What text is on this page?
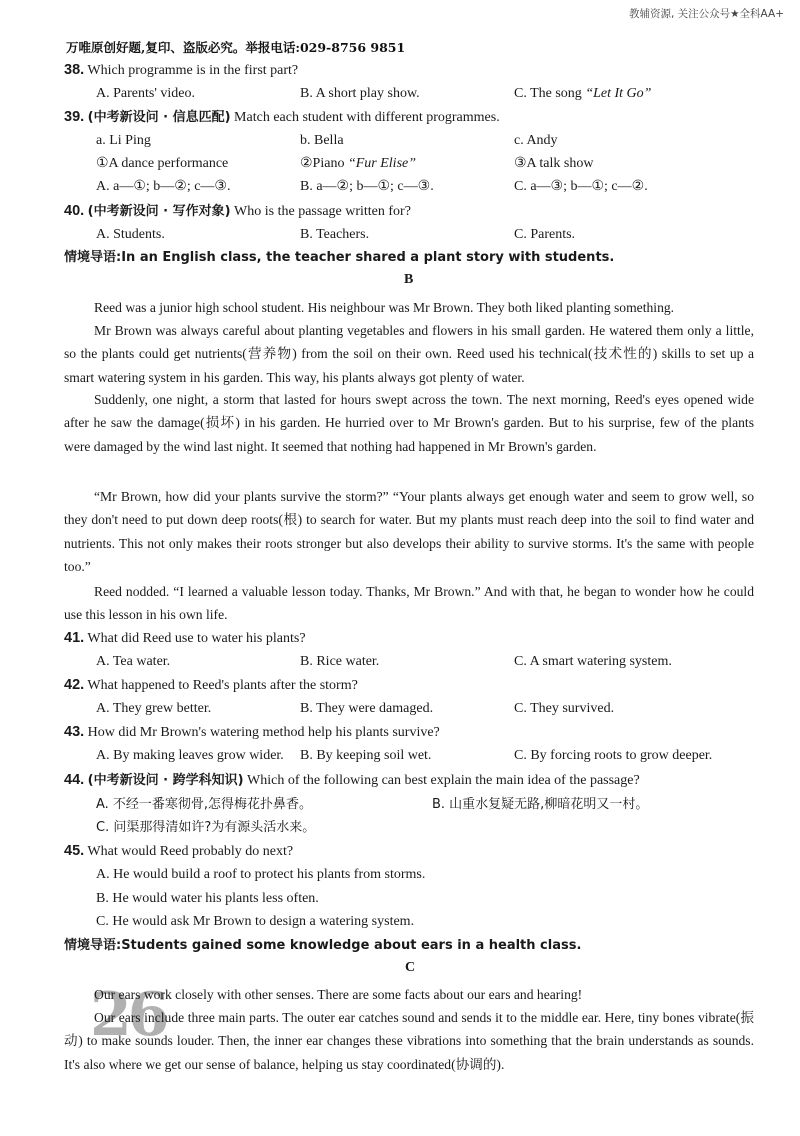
教辅资源, 关注公众号★全科AA+
万唯原创好题,复印、盗版必究。举报电话:029-8756 9851
38. Which programme is in the first part?
A. Parents' video.	B. A short play show.	C. The song “Let It Go”
39. (中考新设问 · 信息匹配) Match each student with different programmes.
a. Li Ping	b. Bella	c. Andy
①A dance performance	②Piano “Fur Elise”	③A talk show
A. a—①; b—②; c—③.	B. a—②; b—①; c—③.	C. a—③; b—①; c—②.
40. (中考新设问 · 写作对象) Who is the passage written for?
A. Students.	B. Teachers.	C. Parents.
情境导语:In an English class, the teacher shared a plant story with students.
B
Reed was a junior high school student. His neighbour was Mr Brown. They both liked planting something.
Mr Brown was always careful about planting vegetables and flowers in his small garden. He watered them only a little, so the plants could get nutrients(营养物) from the soil on their own. Reed used his technical(技术性的) skills to set up a smart watering system in his garden. This way, his plants always got plenty of water.
Suddenly, one night, a storm that lasted for hours swept across the town. The next morning, Reed's eyes opened wide after he saw the damage(损坏) in his garden. He hurried over to Mr Brown's garden. But to his surprise, few of the plants were damaged by the wind last night. It seemed that nothing had happened in Mr Brown's garden.
“Mr Brown, how did your plants survive the storm?” “Your plants always get enough water and seem to grow well, so they don't need to put down deep roots(根) to search for water. But my plants must reach deep into the soil to find water and nutrients. This not only makes their roots stronger but also develops their ability to survive storms. It's the same with people too.”
Reed nodded. “I learned a valuable lesson today. Thanks, Mr Brown.” And with that, he began to wonder how he could use this lesson in his own life.
41. What did Reed use to water his plants?
A. Tea water.	B. Rice water.	C. A smart watering system.
42. What happened to Reed's plants after the storm?
A. They grew better.	B. They were damaged.	C. They survived.
43. How did Mr Brown's watering method help his plants survive?
A. By making leaves grow wider. B. By keeping soil wet.	C. By forcing roots to grow deeper.
44. (中考新设问 · 跨学科知识) Which of the following can best explain the main idea of the passage?
A. 不经一番寒彻骨,怎得梅花扑鼻香。	B. 山重水复疑无路,柳暗花明又一村。
C. 问渠那得清如许?为有源头活水来。
45. What would Reed probably do next?
A. He would build a roof to protect his plants from storms.
B. He would water his plants less often.
C. He would ask Mr Brown to design a watering system.
情境导语:Students gained some knowledge about ears in a health class.
C
26
Our ears work closely with other senses. There are some facts about our ears and hearing!
Our ears include three main parts. The outer ear catches sound and sends it to the middle ear. Here, tiny bones vibrate(振动) to make sounds louder. Then, the inner ear changes these vibrations into something that the brain understands as sounds. It's also where we get our sense of balance, helping us stay coordinated(协调的).
